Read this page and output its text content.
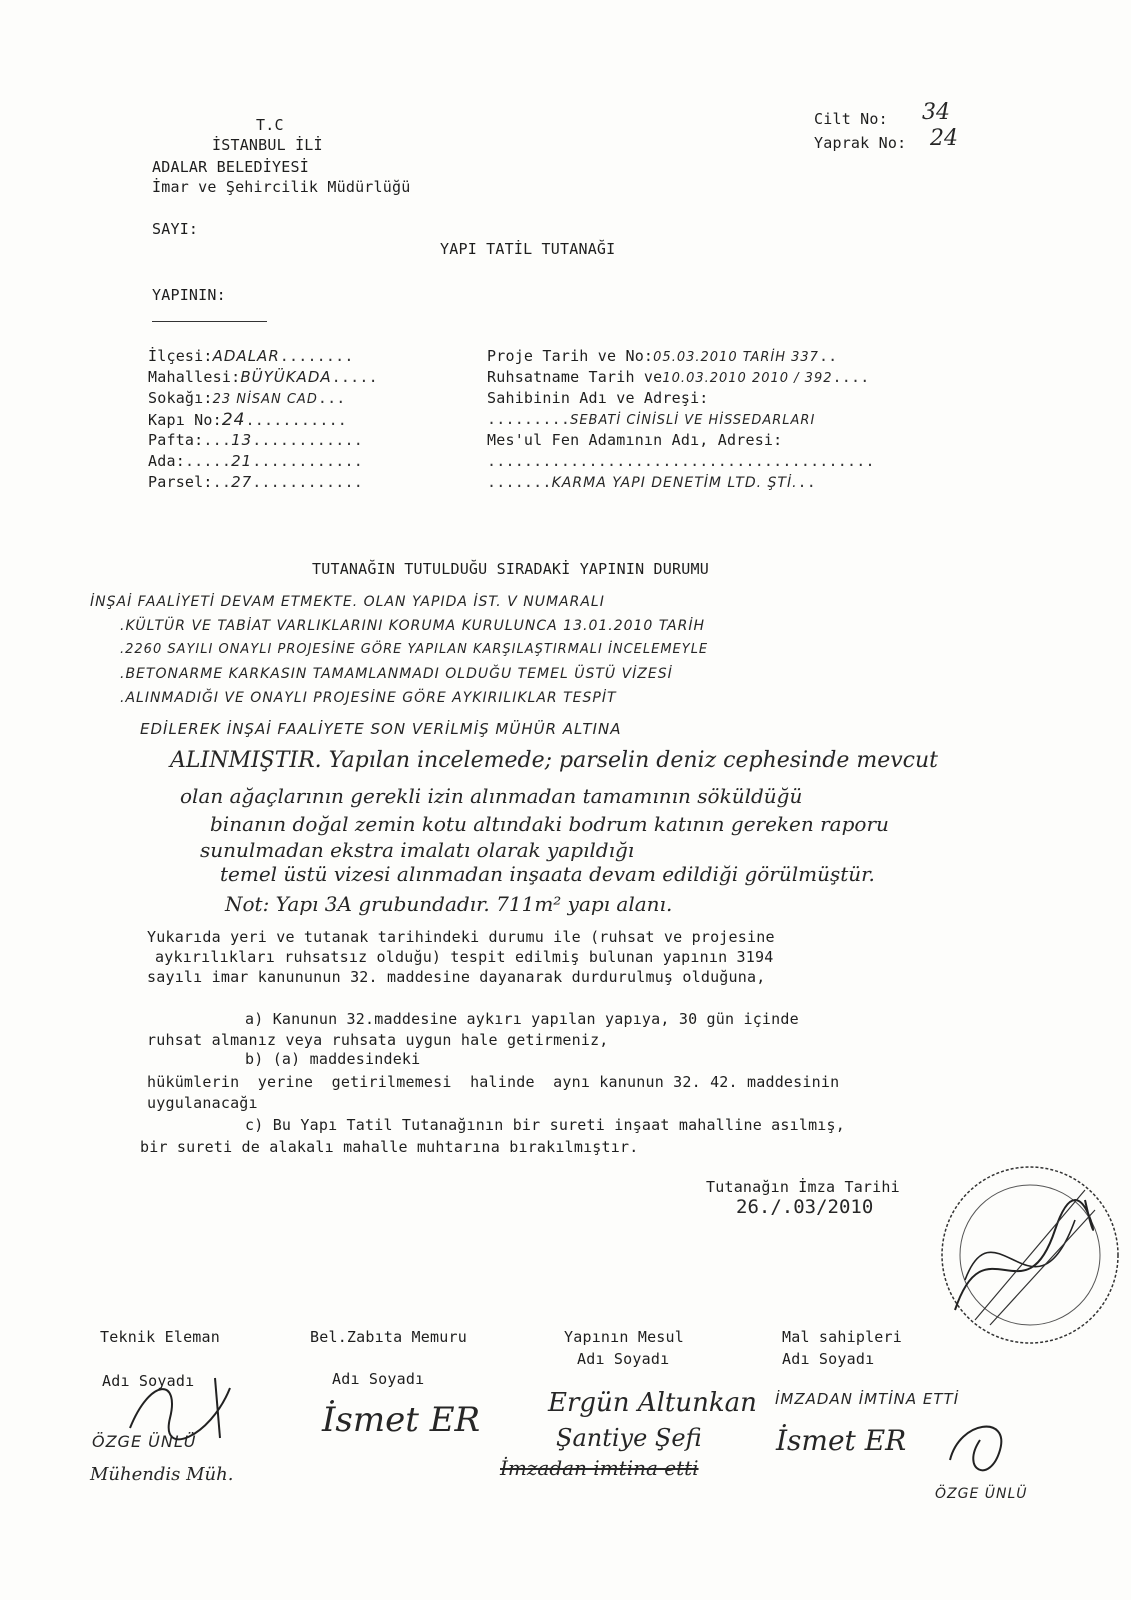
T.C
İSTANBUL İLİ
ADALAR BELEDİYESİ
İmar ve Şehircilik Müdürlüğü
Cilt No: 34
Yaprak No: 24
SAYI:
YAPI TATİL TUTANAĞI
YAPININ:
İlçesi:ADALAR........
Mahallesi:BÜYÜKADA.....
Sokağı:23 NİSAN CAD...
Kapı No:24...........
Pafta:...13............
Ada:.....21............
Parsel:..27............
Proje Tarih ve No:05.03.2010 TARİH 337..
Ruhsatname Tarih ve10.03.2010 2010 / 392....
Sahibinin Adı ve Adreşi:
.........SEBATİ CİNİSLİ VE HİSSEDARLARI
Mes'ul Fen Adamının Adı, Adresi:
..........................................
.......KARMA YAPI DENETİM LTD. ŞTİ...
TUTANAĞIN TUTULDUĞU SIRADAKİ YAPININ DURUMU
İNŞAİ FAALİYETİ DEVAM ETMEKTE. OLAN YAPIDA İST. V NUMARALI
.KÜLTÜR VE TABİAT VARLIKLARINI KORUMA KURULUNCA 13.01.2010 TARİH
.2260 SAYILI ONAYLI PROJESİNE GÖRE YAPILAN KARŞILAŞTIRMALI İNCELEMEYLE
.BETONARME KARKASIN TAMAMLANMADI OLDUĞU TEMEL ÜSTÜ VİZESİ
.ALINMADIĞI VE ONAYLI PROJESİNE GÖRE AYKIRILIKLAR TESPİT
EDİLEREK İNŞAİ FAALİYETE SON VERİLMİŞ MÜHÜR ALTINA
ALINMIŞTIR. Yapılan incelemede; parselin deniz cephesinde mevcut
olan ağaçlarının gerekli izin alınmadan tamamının söküldüğü
binanın doğal zemin kotu altındaki bodrum katının gereken raporu
sunulmadan ekstra imalatı olarak yapıldığı
temel üstü vizesi alınmadan inşaata devam edildiği görülmüştür.
Not: Yapı 3A grubundadır. 711m² yapı alanı.
Yukarıda yeri ve tutanak tarihindeki durumu ile (ruhsat ve projesine
aykırılıkları ruhsatsız olduğu) tespit edilmiş bulunan yapının 3194
sayılı imar kanununun 32. maddesine dayanarak durdurulmuş olduğuna,
a) Kanunun 32.maddesine aykırı yapılan yapıya, 30 gün içinde
ruhsat almanız veya ruhsata uygun hale getirmeniz,
b) (a) maddesindeki
hükümlerin  yerine  getirilmemesi  halinde  aynı kanunun 32. 42. maddesinin
uygulanacağı
c) Bu Yapı Tatil Tutanağının bir sureti inşaat mahalline asılmış,
bir sureti de alakalı mahalle muhtarına bırakılmıştır.
Tutanağın İmza Tarihi
26./.03/2010
Teknik Eleman
Adı Soyadı
ÖZGE ÜNLÜ
Mühendis Müh.
Bel.Zabıta Memuru
Adı Soyadı
İsmet ER
Yapının Mesul
Adı Soyadı
Ergün Altunkan
Şantiye Şefi
İmzadan imtina etti
Mal sahipleri
Adı Soyadı
İMZADAN İMTİNA ETTİ
İsmet ER
ÖZGE ÜNLÜ
